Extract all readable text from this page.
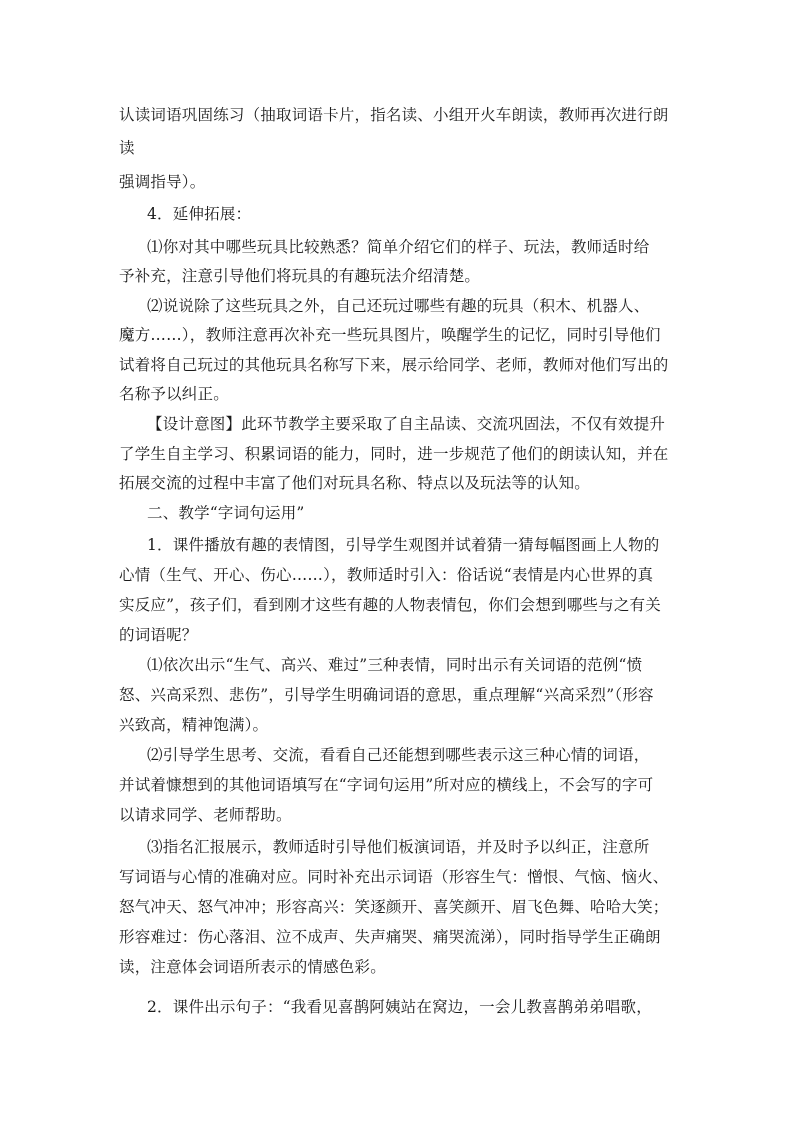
认读词语巩固练习（抽取词语卡片，指名读、小组开火车朗读，教师再次进行朗
读
强调指导）。
4．延伸拓展：
⑴你对其中哪些玩具比较熟悉？简单介绍它们的样子、玩法，教师适时给
予补充，注意引导他们将玩具的有趣玩法介绍清楚。
⑵说说除了这些玩具之外，自己还玩过哪些有趣的玩具（积木、机器人、
魔方……），教师注意再次补充一些玩具图片，唤醒学生的记忆，同时引导他们
试着将自己玩过的其他玩具名称写下来，展示给同学、老师，教师对他们写出的
名称予以纠正。
【设计意图】此环节教学主要采取了自主品读、交流巩固法，不仅有效提升
了学生自主学习、积累词语的能力，同时，进一步规范了他们的朗读认知，并在
拓展交流的过程中丰富了他们对玩具名称、特点以及玩法等的认知。
二、教学“字词句运用”
1．课件播放有趣的表情图，引导学生观图并试着猜一猜每幅图画上人物的
心情（生气、开心、伤心……），教师适时引入：俗话说“表情是内心世界的真
实反应”，孩子们，看到刚才这些有趣的人物表情包，你们会想到哪些与之有关
的词语呢？
⑴依次出示“生气、高兴、难过”三种表情，同时出示有关词语的范例“愤
怒、兴高采烈、悲伤”，引导学生明确词语的意思，重点理解“兴高采烈”（形容
兴致高，精神饱满）。
⑵引导学生思考、交流，看看自己还能想到哪些表示这三种心情的词语，
并试着慷想到的其他词语填写在“字词句运用”所对应的横线上，不会写的字可
以请求同学、老师帮助。
⑶指名汇报展示，教师适时引导他们板演词语，并及时予以纠正，注意所
写词语与心情的准确对应。同时补充出示词语（形容生气：憎恨、气恼、恼火、
怒气冲天、怒气冲冲；形容高兴：笑逐颜开、喜笑颜开、眉飞色舞、哈哈大笑；
形容难过：伤心落泪、泣不成声、失声痛哭、痛哭流涕），同时指导学生正确朗
读，注意体会词语所表示的情感色彩。
2．课件出示句子：“我看见喜鹊阿姨站在窝边，一会儿教喜鹊弟弟唱歌，
